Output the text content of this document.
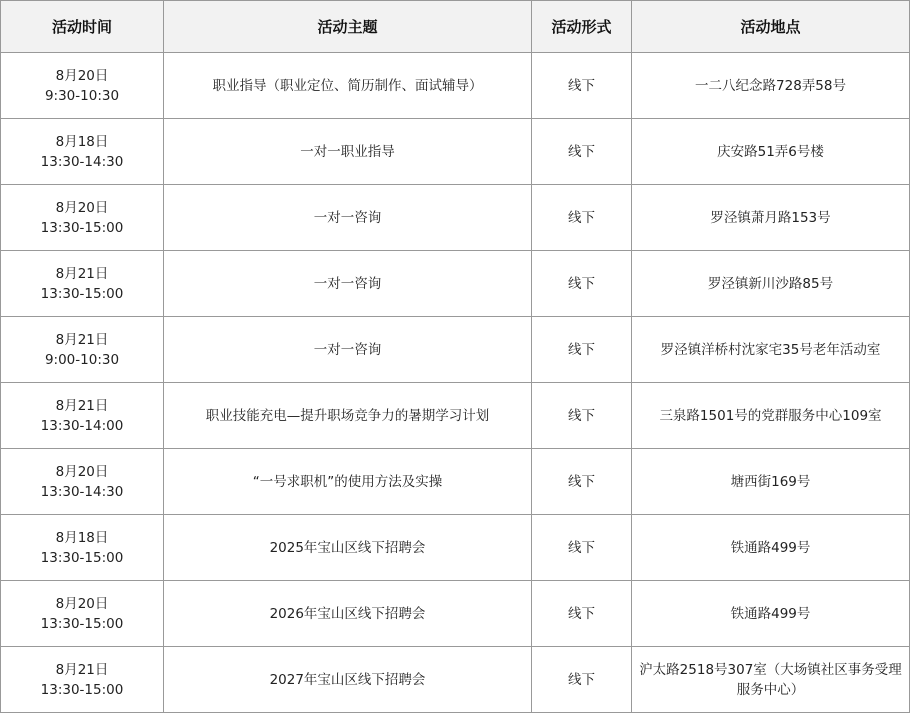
活动时间	活动主题	活动形式	活动地点

8月20日
9:30-10:30	职业指导（职业定位、简历制作、面试辅导）	线下	一二八纪念路728弄58号

8月18日
13:30-14:30	一对一职业指导	线下	庆安路51弄6号楼

8月20日
13:30-15:00	一对一咨询	线下	罗泾镇萧月路153号

8月21日
13:30-15:00	一对一咨询	线下	罗泾镇新川沙路85号

8月21日
9:00-10:30	一对一咨询	线下	罗泾镇洋桥村沈家宅35号老年活动室

8月21日
13:30-14:00	职业技能充电—提升职场竞争力的暑期学习计划	线下	三泉路1501号的党群服务中心109室

8月20日
13:30-14:30	“一号求职机”的使用方法及实操	线下	塘西街169号

8月18日
13:30-15:00	2025年宝山区线下招聘会	线下	铁通路499号

8月20日
13:30-15:00	2026年宝山区线下招聘会	线下	铁通路499号

8月21日
13:30-15:00	2027年宝山区线下招聘会	线下	沪太路2518号307室（大场镇社区事务受理服务中心）
